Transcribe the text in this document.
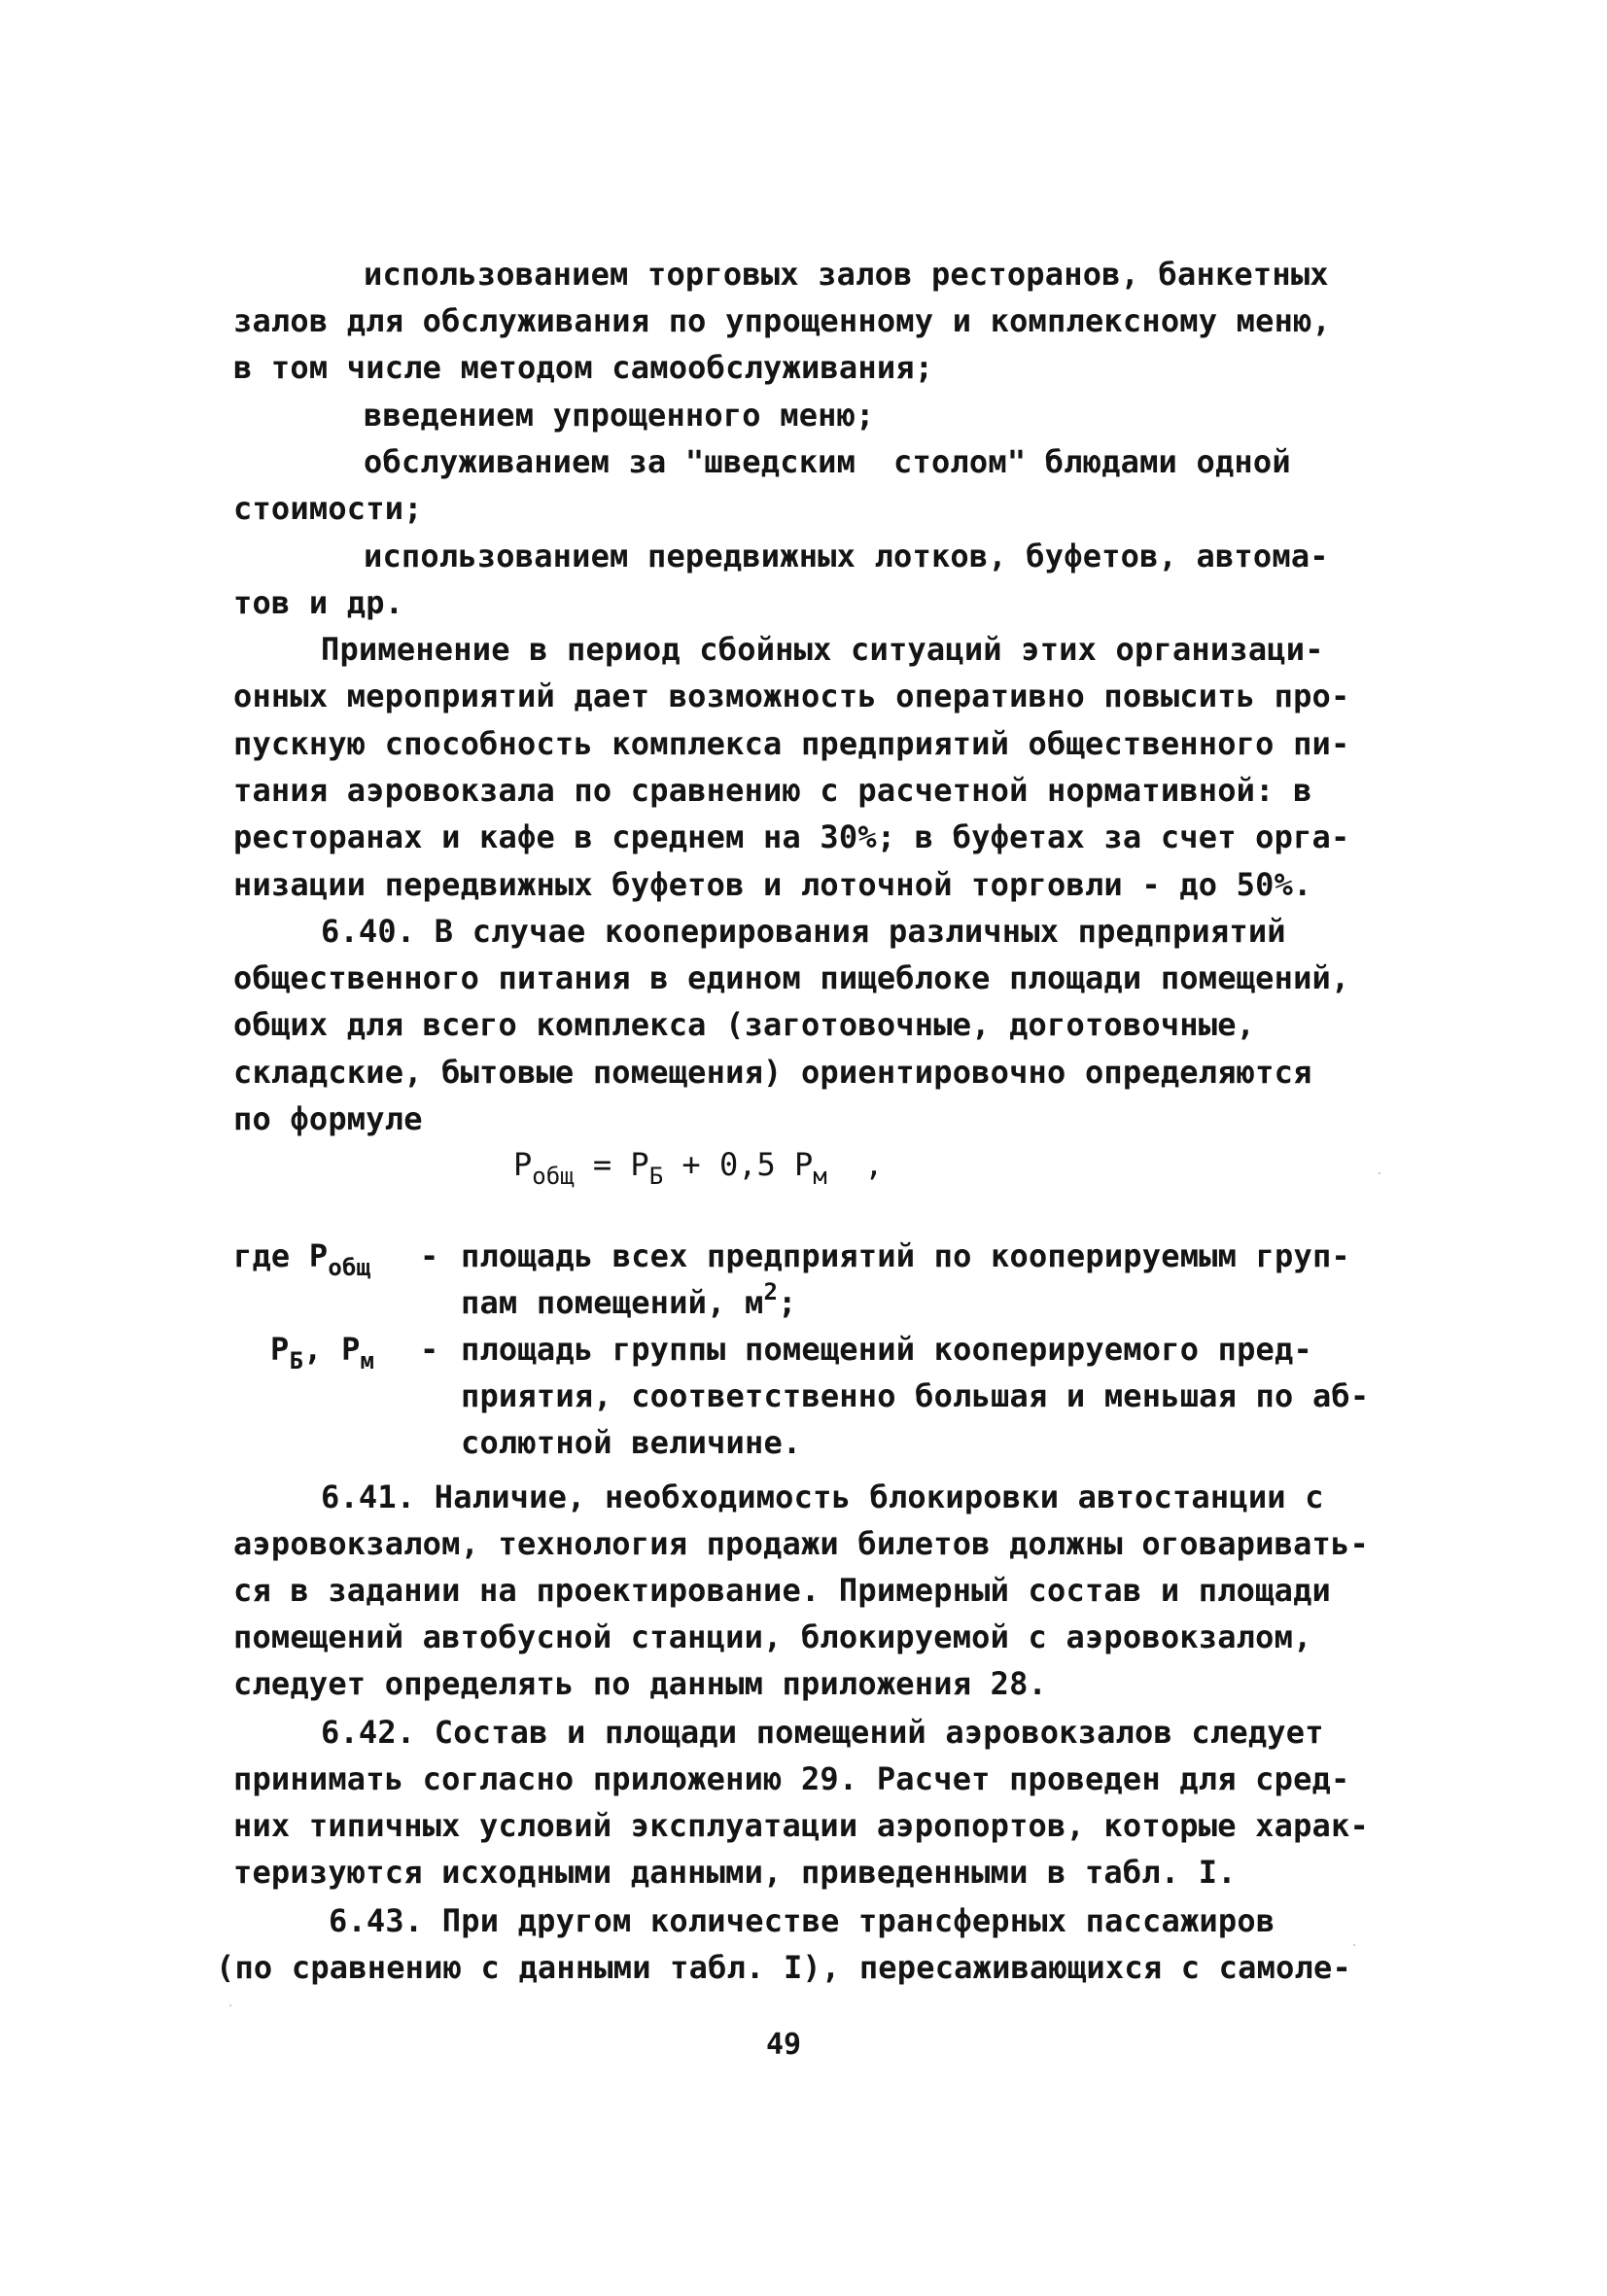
использованием торговых залов ресторанов, банкетных
залов для обслуживания по упрощенному и комплексному меню,
в том числе методом самообслуживания;
введением упрощенного меню;
обслуживанием за "шведским  столом" блюдами одной
стоимости;
использованием передвижных лотков, буфетов, автома-
тов и др.
Применение в период сбойных ситуаций этих организаци-
онных мероприятий дает возможность оперативно повысить про-
пускную способность комплекса предприятий общественного пи-
тания аэровокзала по сравнению с расчетной нормативной: в
ресторанах и кафе в среднем на 30%; в буфетах за счет орга-
низации передвижных буфетов и лоточной торговли - до 50%.
6.40. В случае кооперирования различных предприятий
общественного питания в едином пищеблоке площади помещений,
общих для всего комплекса (заготовочные, доготовочные,
складские, бытовые помещения) ориентировочно определяются
по формуле
$P_{общ} = P_Б + 0,5$ $P_м$  ,
где $P_{общ}$ - площадь всех предприятий по кооперируемым груп-
пам помещений, $м^2$;
$P_Б$, $P_м$ - площадь группы помещений кооперируемого пред-
приятия, соответственно большая и меньшая по аб-
солютной величине.
6.41. Наличие, необходимость блокировки автостанции с
аэровокзалом, технология продажи билетов должны оговаривать-
ся в задании на проектирование. Примерный состав и площади
помещений автобусной станции, блокируемой с аэровокзалом,
следует определять по данным приложения 28.
6.42. Состав и площади помещений аэровокзалов следует
принимать согласно приложению 29. Расчет проведен для сред-
них типичных условий эксплуатации аэропортов, которые харак-
теризуются исходными данными, приведенными в табл. I.
6.43. При другом количестве трансферных пассажиров
(по сравнению с данными табл. I), пересаживающихся с самоле-
49
